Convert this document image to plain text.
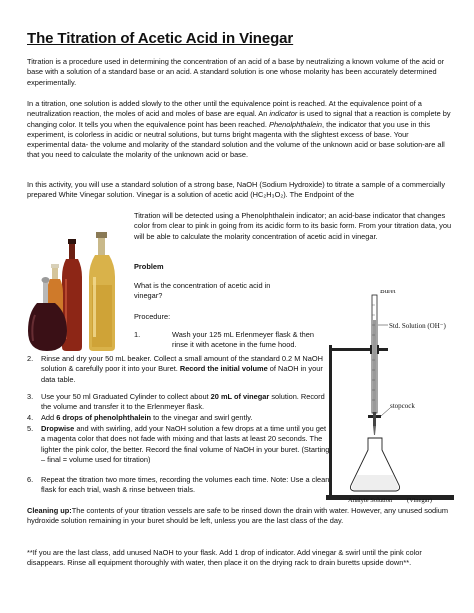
The Titration of Acetic Acid in Vinegar

Titration is a procedure used in determining the concentration of an acid of a base by neutralizing a known volume of the acid or base with a solution of a standard base or an acid. A standard solution is one whose molarity has been accurately determined experimentally.

In a titration, one solution is added slowly to the other until the equivalence point is reached. At the equivalence point of a neutralization reaction, the moles of acid and moles of base are equal. An indicator is used to signal that a reaction is complete by changing color. It tells you when the equivalence point has been reached. Phenolphthalein, the indicator that you use in this experiment, is colorless in acidic or neutral solutions, but turns bright magenta with the slightest excess of base. Your experimental data- the volume and molarity of the standard solution and the volume of the unknown acid or base solution-are all that you need to calculate the molarity of the unknown acid or base.

In this activity, you will use a standard solution of a strong base, NaOH (Sodium Hydroxide) to titrate a sample of a commercially prepared White Vinegar solution. Vinegar is a solution of acetic acid (HC₂H₃O₂). The Endpoint of the

Titration will be detected using a Phenolphthalein indicator; an acid-base indicator that changes color from clear to pink in going from its acidic form to its basic form. From your titration data, you will be able to calculate the molarity concentration of acetic acid in vinegar.

Problem

What is the concentration of acetic acid in vinegar?

Procedure:

1.	Wash your 125 mL Erlenmeyer flask & then rinse it with acetone in the fume hood.
2. Rinse and dry your 50 mL beaker. Collect a small amount of the standard 0.2 M NaOH solution & carefully poor it into your Buret. Record the initial volume of NaOH in your data table.
3. Use your 50 ml Graduated Cylinder to collect about 20 mL of vinegar solution. Record the volume and transfer it to the Erlenmeyer flask.
4. Add 6 drops of phenolphthalein to the vinegar and swirl gently.
5. Dropwise and with swirling, add your NaOH solution a few drops at a time until you get a magenta color that does not fade with mixing and that lasts at least 20 seconds. The lighter the pink color, the better. Record the final volume of NaOH in your buret. (Starting – final = volume used for titration)
6. Repeat the titration two more times, recording the volumes each time. Note: Use a clean flask for each trial, wash & rinse between trials.
Buret
Std. Solution (OH⁻)
stopcock
Analyte Solution (Vinegar)

Cleaning up:The contents of your titration vessels are safe to be rinsed down the drain with water. However, any unused sodium hydroxide solution remaining in your buret should be left, unless you are the last class of the day.

**If you are the last class, add unused NaOH to your flask. Add 1 drop of indicator. Add vinegar & swirl until the pink color disappears. Rinse all equipment thoroughly with water, then place it on the drying rack to drain buretts upside down**.
